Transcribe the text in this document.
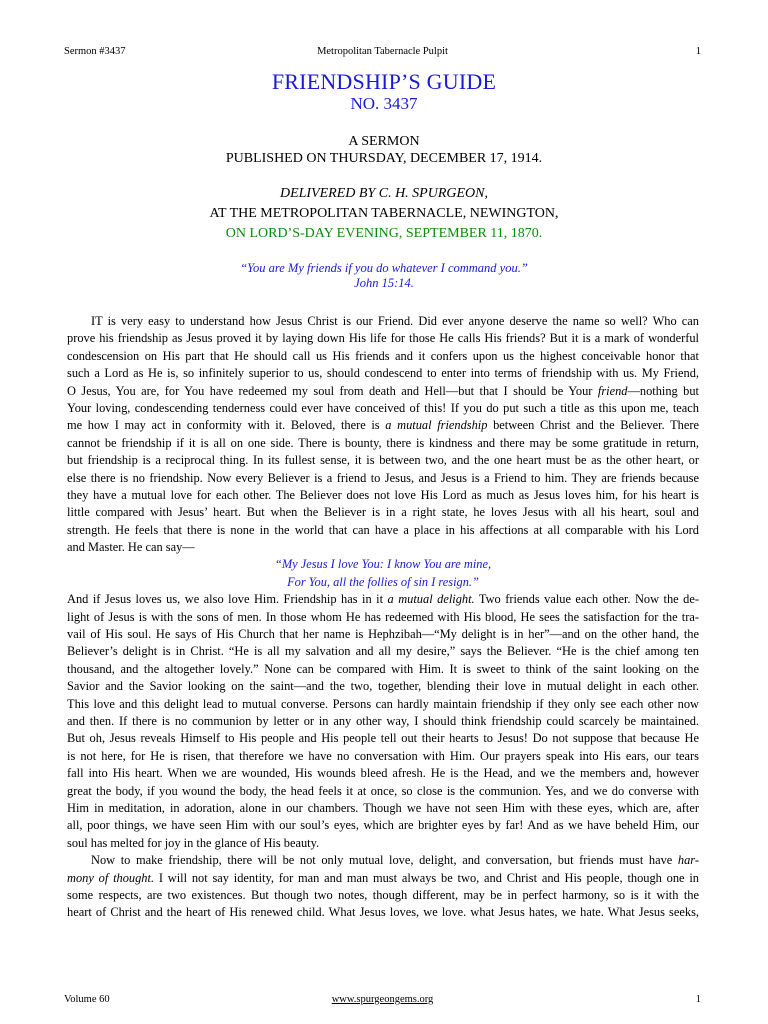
Sermon #3437	Metropolitan Tabernacle Pulpit	1
FRIENDSHIP’S GUIDE
NO. 3437
A SERMON
PUBLISHED ON THURSDAY, DECEMBER 17, 1914.
DELIVERED BY C. H. SPURGEON,
AT THE METROPOLITAN TABERNACLE, NEWINGTON,
ON LORD’S-DAY EVENING, SEPTEMBER 11, 1870.
“You are My friends if you do whatever I command you.”
John 15:14.
IT is very easy to understand how Jesus Christ is our Friend. Did ever anyone deserve the name so well? Who can
prove his friendship as Jesus proved it by laying down His life for those He calls His friends? But it is a mark of wonderful
condescension on His part that He should call us His friends and it confers upon us the highest conceivable honor that
such a Lord as He is, so infinitely superior to us, should condescend to enter into terms of friendship with us. My Friend,
O Jesus, You are, for You have redeemed my soul from death and Hell—but that I should be Your friend—nothing but
Your loving, condescending tenderness could ever have conceived of this! If you do put such a title as this upon me, teach
me how I may act in conformity with it. Beloved, there is a mutual friendship between Christ and the Believer. There
cannot be friendship if it is all on one side. There is bounty, there is kindness and there may be some gratitude in return,
but friendship is a reciprocal thing. In its fullest sense, it is between two, and the one heart must be as the other heart, or
else there is no friendship. Now every Believer is a friend to Jesus, and Jesus is a Friend to him. They are friends because
they have a mutual love for each other. The Believer does not love His Lord as much as Jesus loves him, for his heart is
little compared with Jesus’ heart. But when the Believer is in a right state, he loves Jesus with all his heart, soul and
strength. He feels that there is none in the world that can have a place in his affections at all comparable with his Lord
and Master. He can say—
“My Jesus I love You: I know You are mine,
For You, all the follies of sin I resign.”
And if Jesus loves us, we also love Him. Friendship has in it a mutual delight. Two friends value each other. Now the de-
light of Jesus is with the sons of men. In those whom He has redeemed with His blood, He sees the satisfaction for the tra-
vail of His soul. He says of His Church that her name is Hephzibah—“My delight is in her”—and on the other hand, the
Believer’s delight is in Christ. “He is all my salvation and all my desire,” says the Believer. “He is the chief among ten
thousand, and the altogether lovely.” None can be compared with Him. It is sweet to think of the saint looking on the
Savior and the Savior looking on the saint—and the two, together, blending their love in mutual delight in each other.
This love and this delight lead to mutual converse. Persons can hardly maintain friendship if they only see each other now
and then. If there is no communion by letter or in any other way, I should think friendship could scarcely be maintained.
But oh, Jesus reveals Himself to His people and His people tell out their hearts to Jesus! Do not suppose that because He
is not here, for He is risen, that therefore we have no conversation with Him. Our prayers speak into His ears, our tears
fall into His heart. When we are wounded, His wounds bleed afresh. He is the Head, and we the members and, however
great the body, if you wound the body, the head feels it at once, so close is the communion. Yes, and we do converse with
Him in meditation, in adoration, alone in our chambers. Though we have not seen Him with these eyes, which are, after
all, poor things, we have seen Him with our soul’s eyes, which are brighter eyes by far! And as we have beheld Him, our
soul has melted for joy in the glance of His beauty.
Now to make friendship, there will be not only mutual love, delight, and conversation, but friends must have har-
mony of thought. I will not say identity, for man and man must always be two, and Christ and His people, though one in
some respects, are two existences. But though two notes, though different, may be in perfect harmony, so is it with the
heart of Christ and the heart of His renewed child. What Jesus loves, we love. what Jesus hates, we hate. What Jesus seeks,
Volume 60	www.spurgeongems.org	1
